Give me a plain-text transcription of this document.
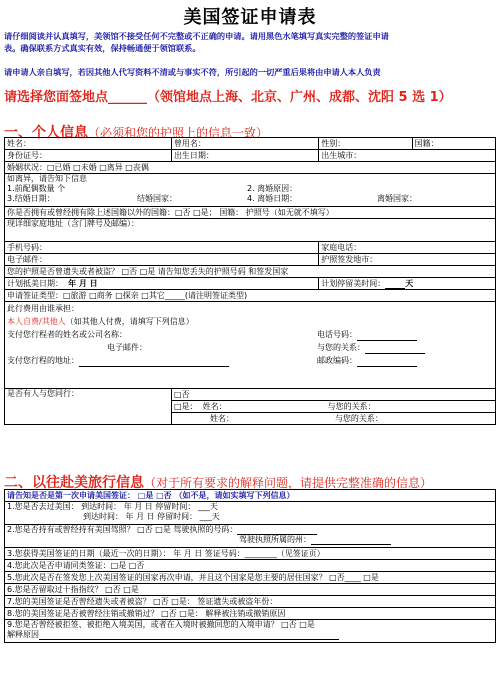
美国签证申请表
请仔细阅读并认真填写，美领馆不接受任何不完整或不正确的申请。请用黑色水笔填写真实完整的签证申请
表。确保联系方式真实有效，保持畅通便于领馆联系。
请申请人亲自填写，若因其他人代写资料不清或与事实不符，所引起的一切严重后果将由申请人本人负责
请选择您面签地点______（领馆地点上海、北京、广州、成都、沈阳 5 选 1）
一、个人信息（必须和您的护照上的信息一致）
姓名：	曾用名：	性别：	国籍：
身份证号：	出生日期：	出生城市：	
婚姻状况：□已婚 □未婚 □离异 □丧偶			

如离异，请告知下信息
1.前配偶数量 个 2. 离婚原因：
3.结婚日期： 结婚国家： 4. 离婚日期： 离婚国家：			

你是否拥有或曾经拥有除上述国籍以外的国籍：□否 □是； 国籍： 护照号（如无就不填写）			
现详细家庭地址（含门牌号及邮编）：			
手机号码：		家庭电话：	
电子邮件：		护照签发地市：	
您的护照是否曾遗失或者被盗？ □否 □是 请告知您丢失的护照号码 和签发国家			
计划抵美日期： 年 月 日		计划停留美时间： 天	
申请签证类型：□旅游 □商务 □探亲 □其它_____(请注明签证类型)			

此行费用由谁承担：
本人自费/其他人（如其他人付费，请填写下列信息）
支付您行程者的姓名或公司名称： 电话号码：
电子邮件： 与您的关系：
支付您行程的地址： 邮政编码：			

是否有人与您同行：	□否		
	□是： 姓名： 与您的关系：		
	姓名： 与您的关系：		
二、以往赴美旅行信息（对于所有要求的解释问题，请提供完整准确的信息）
请告知是否是第一次申请美国签证： □是 □否 （如不是，请如实填写下列信息）

1.您是否去过美国： 到达时间： 年 月 日 停留时间： ___天
到达时间： 年 月 日 停留时间： ___天

2.您是否持有或曾经持有美国驾照？ □否 □是 驾驶执照的号码：
驾驶执照所属的州：

3.您获得美国签证的日期（最近一次的日期）： 年 月 日 签证号码：________（见签证页）
4.您此次是否申请同类签证：□是 □否
5.您此次是否在签发您上次美国签证的国家再次申请，并且这个国家是您主要的居住国家？ □否____ □是
6.您是否留取过十指指纹？ □否 □是
7.您的美国签证是否曾经遗失或者被盗？ □否 □是： 签证遗失或被盗年份：
8.您的美国签证是否被曾经注销或撤销过？ □否 □是： 解释被注销或撤销原因

9.您是否曾经被拒签、被拒绝入境美国，或者在入境时被撤回您的入境申请？ □否 □是
解释原因
